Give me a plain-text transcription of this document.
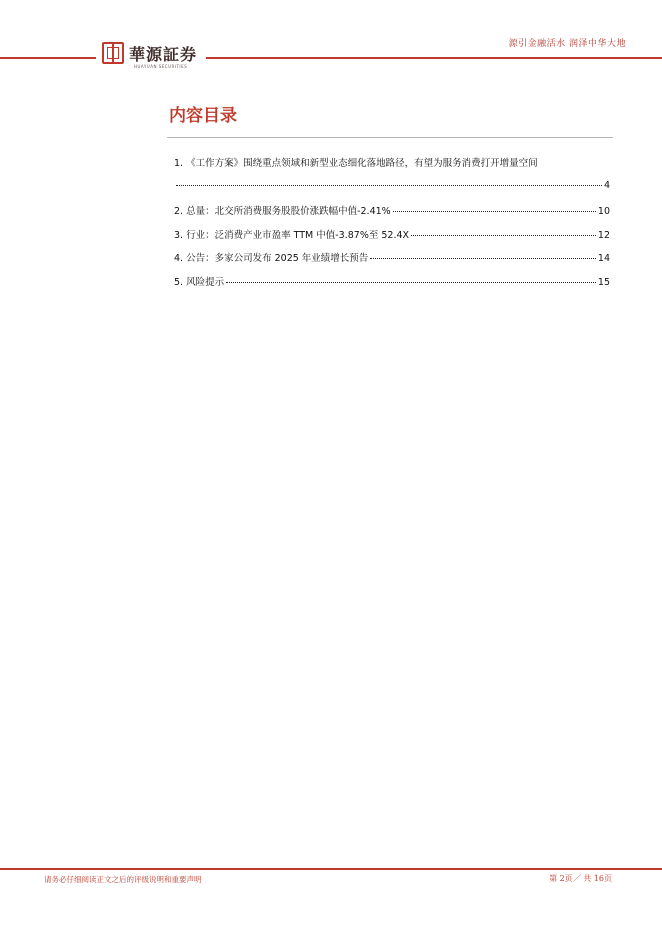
源引金融活水 润泽中华大地
華源証券
HUAYUAN SECURITIES
内容目录
1. 《工作方案》围绕重点领域和新型业态细化落地路径，有望为服务消费打开增量空间
4
2. 总量：北交所消费服务股股价涨跌幅中值-2.41%	10
3. 行业：泛消费产业市盈率 TTM 中值-3.87%至 52.4X	12
4. 公告：多家公司发布 2025 年业绩增长预告	14
5. 风险提示	15
请务必仔细阅读正文之后的评级说明和重要声明	第 2页／ 共 16页
